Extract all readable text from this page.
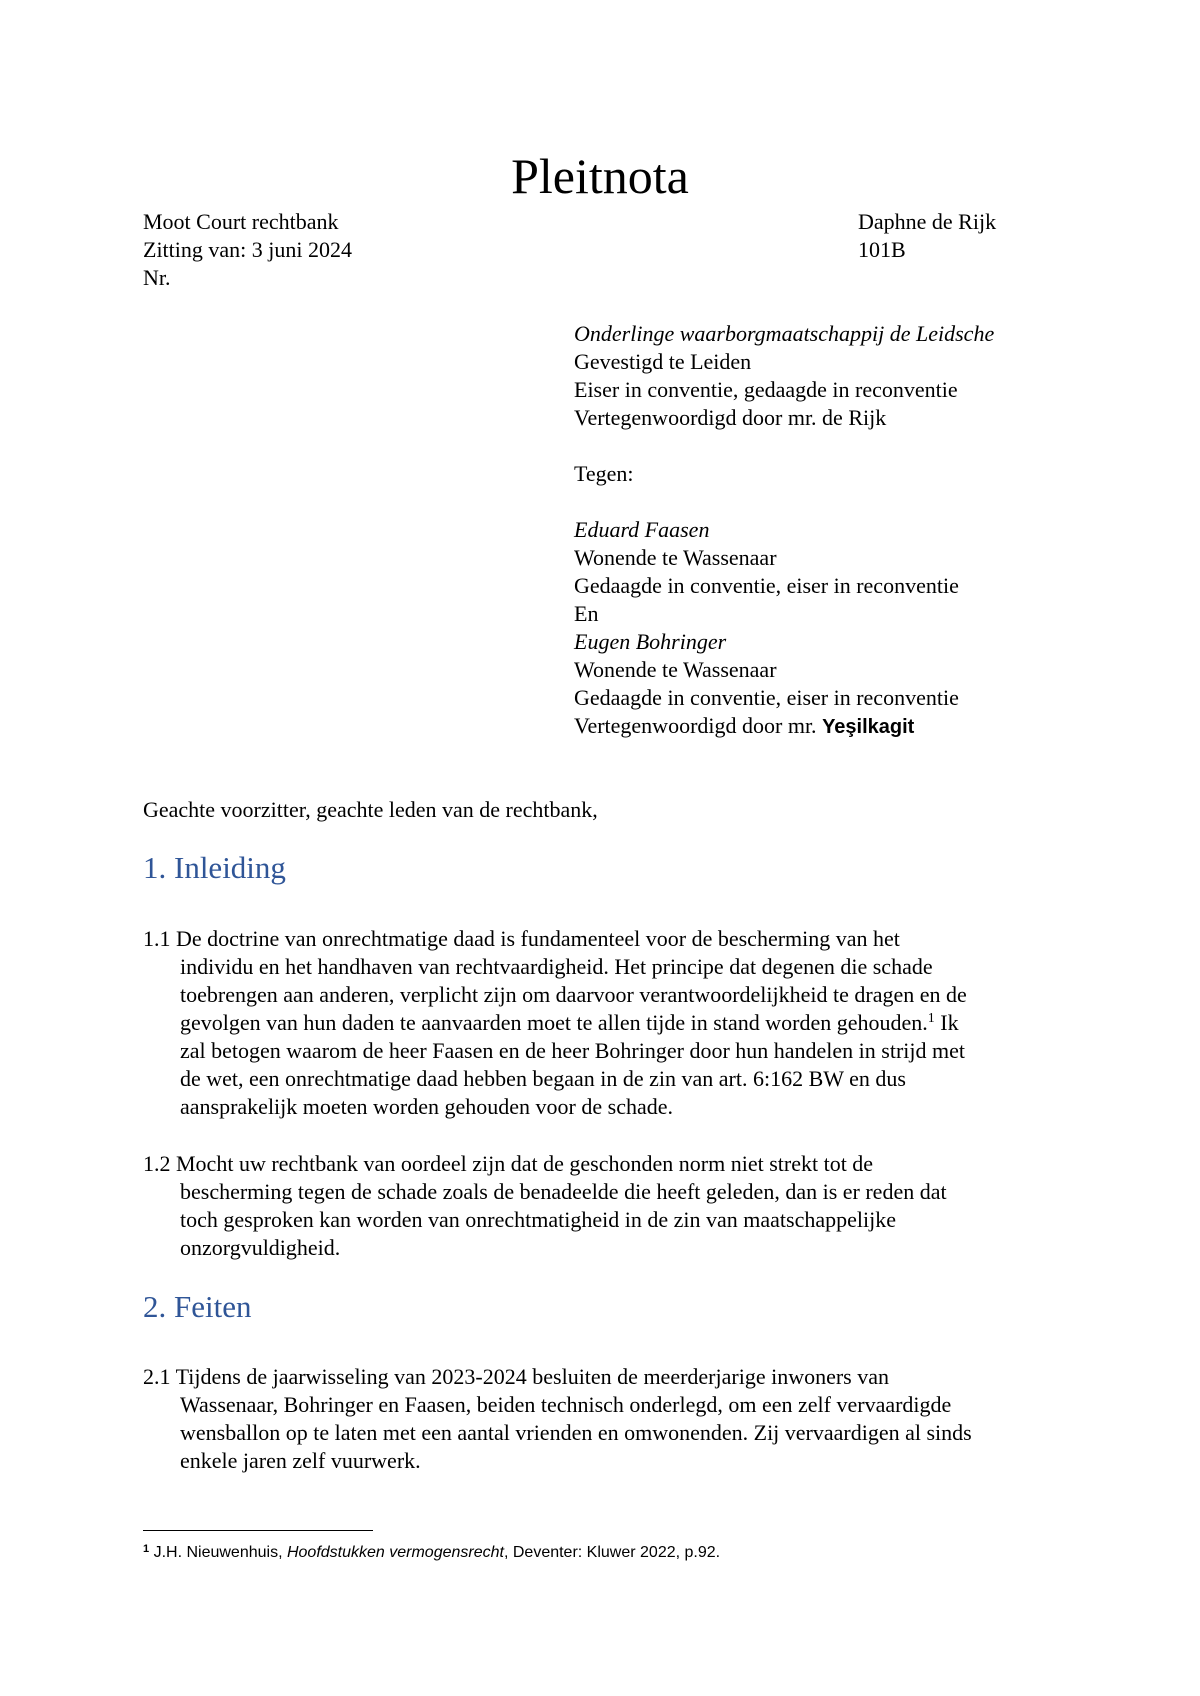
Pleitnota
Moot Court rechtbank
Zitting van: 3 juni 2024
Nr.
Daphne de Rijk
101B
Onderlinge waarborgmaatschappij de Leidsche
Gevestigd te Leiden
Eiser in conventie, gedaagde in reconventie
Vertegenwoordigd door mr. de Rijk
Tegen:
Eduard Faasen
Wonende te Wassenaar
Gedaagde in conventie, eiser in reconventie
En
Eugen Bohringer
Wonende te Wassenaar
Gedaagde in conventie, eiser in reconventie
Vertegenwoordigd door mr. Yeşilkagit
Geachte voorzitter, geachte leden van de rechtbank,
1. Inleiding
1.1 De doctrine van onrechtmatige daad is fundamenteel voor de bescherming van het
individu en het handhaven van rechtvaardigheid. Het principe dat degenen die schade
toebrengen aan anderen, verplicht zijn om daarvoor verantwoordelijkheid te dragen en de
gevolgen van hun daden te aanvaarden moet te allen tijde in stand worden gehouden.$^1$ Ik
zal betogen waarom de heer Faasen en de heer Bohringer door hun handelen in strijd met
de wet, een onrechtmatige daad hebben begaan in de zin van art. 6:162 BW en dus
aansprakelijk moeten worden gehouden voor de schade.
1.2 Mocht uw rechtbank van oordeel zijn dat de geschonden norm niet strekt tot de
bescherming tegen de schade zoals de benadeelde die heeft geleden, dan is er reden dat
toch gesproken kan worden van onrechtmatigheid in de zin van maatschappelijke
onzorgvuldigheid.
2. Feiten
2.1 Tijdens de jaarwisseling van 2023-2024 besluiten de meerderjarige inwoners van
Wassenaar, Bohringer en Faasen, beiden technisch onderlegd, om een zelf vervaardigde
wensballon op te laten met een aantal vrienden en omwonenden. Zij vervaardigen al sinds
enkele jaren zelf vuurwerk.
$^1$ J.H. Nieuwenhuis, Hoofdstukken vermogensrecht, Deventer: Kluwer 2022, p.92.
